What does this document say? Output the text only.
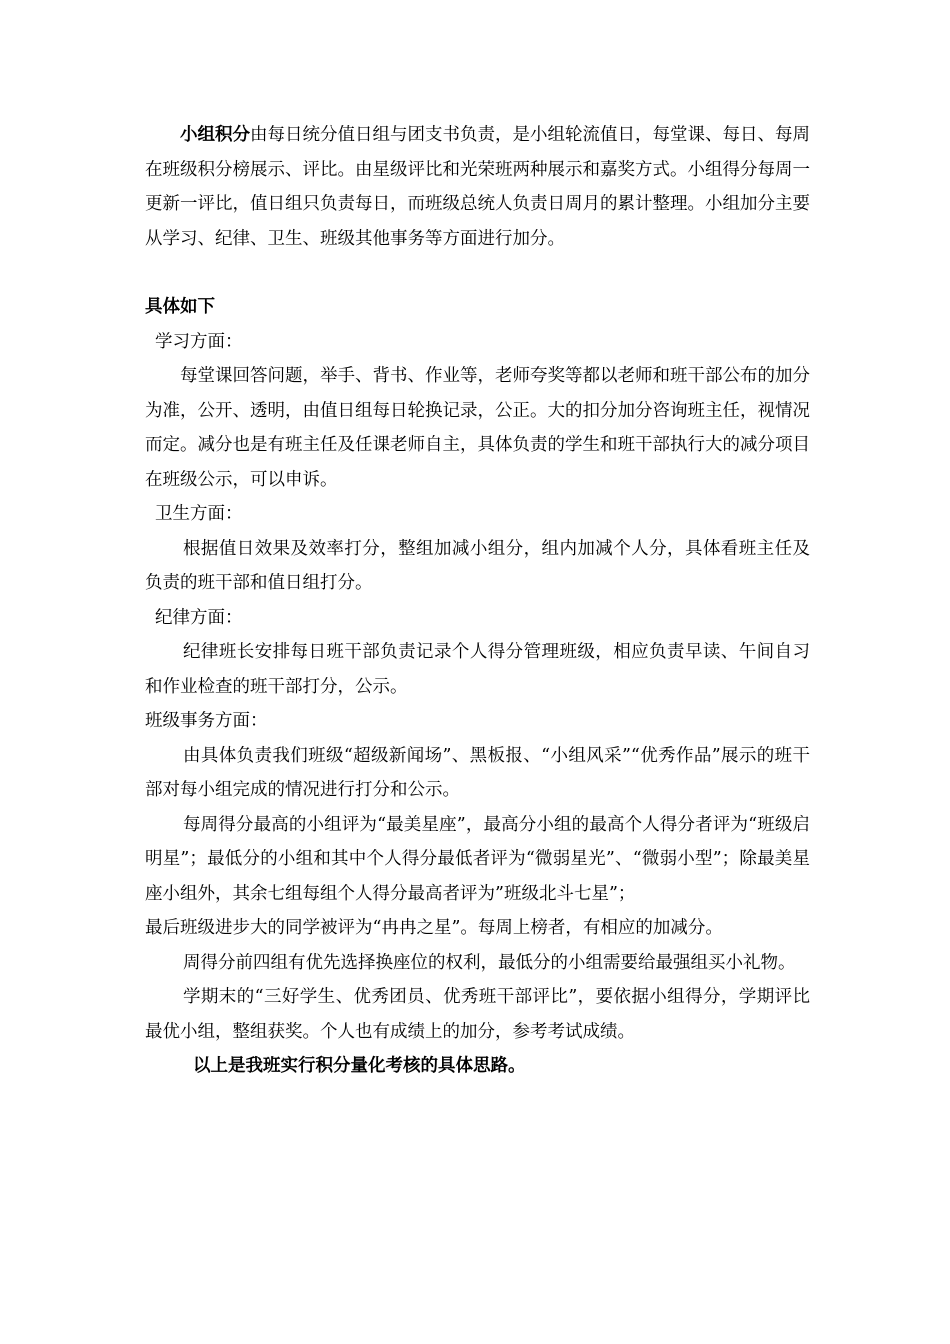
小组积分由每日统分值日组与团支书负责，是小组轮流值日，每堂课、每日、每周在班级积分榜展示、评比。由星级评比和光荣班两种展示和嘉奖方式。小组得分每周一更新一评比，值日组只负责每日，而班级总统人负责日周月的累计整理。小组加分主要从学习、纪律、卫生、班级其他事务等方面进行加分。

具体如下

学习方面：

每堂课回答问题，举手、背书、作业等，老师夸奖等都以老师和班干部公布的加分为准，公开、透明，由值日组每日轮换记录，公正。大的扣分加分咨询班主任，视情况而定。减分也是有班主任及任课老师自主，具体负责的学生和班干部执行大的减分项目在班级公示，可以申诉。

卫生方面：

根据值日效果及效率打分，整组加减小组分，组内加减个人分，具体看班主任及负责的班干部和值日组打分。

纪律方面：

纪律班长安排每日班干部负责记录个人得分管理班级，相应负责早读、午间自习和作业检查的班干部打分，公示。

班级事务方面：

由具体负责我们班级“超级新闻场”、黑板报、“小组风采”“优秀作品”展示的班干部对每小组完成的情况进行打分和公示。

每周得分最高的小组评为“最美星座”，最高分小组的最高个人得分者评为“班级启明星”；最低分的小组和其中个人得分最低者评为“微弱星光”、“微弱小型”；除最美星座小组外，其余七组每组个人得分最高者评为”班级北斗七星”；

最后班级进步大的同学被评为“冉冉之星”。每周上榜者，有相应的加减分。

周得分前四组有优先选择换座位的权利，最低分的小组需要给最强组买小礼物。

学期末的“三好学生、优秀团员、优秀班干部评比”，要依据小组得分，学期评比最优小组，整组获奖。个人也有成绩上的加分，参考考试成绩。

以上是我班实行积分量化考核的具体思路。
